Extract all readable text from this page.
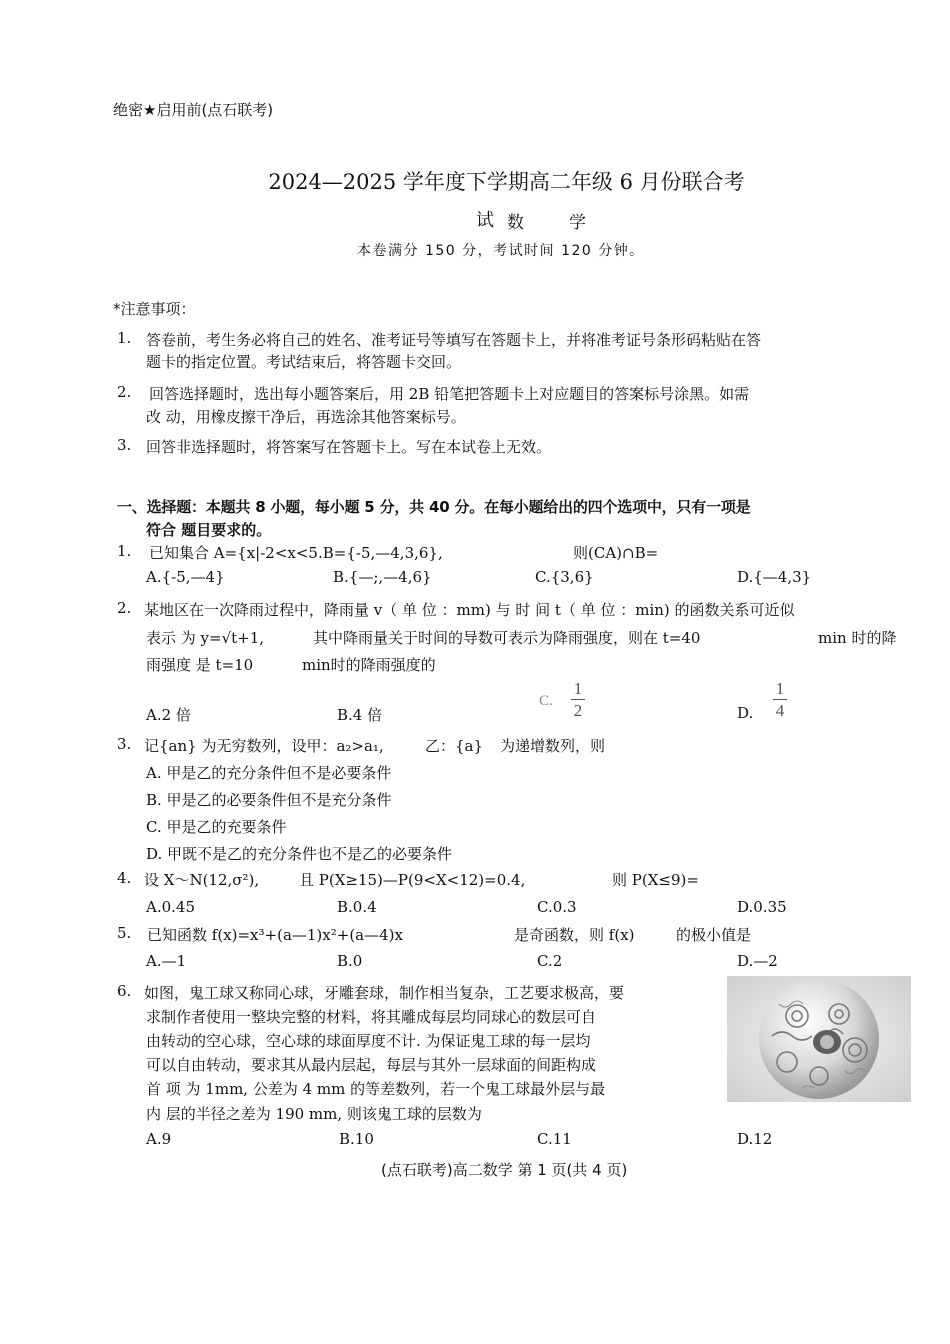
绝密★启用前(点石联考)
2024—2025 学年度下学期高二年级 6 月份联合考
试 数	学
本卷满分 150 分，考试时间 120 分钟。
*注意事项：
1. 答卷前，考生务必将自己的姓名、准考证号等填写在答题卡上，并将准考证号条形码粘贴在答
题卡的指定位置。考试结束后，将答题卡交回。
2. 回答选择题时，选出每小题答案后，用 2B 铅笔把答题卡上对应题目的答案标号涂黑。如需
改 动，用橡皮擦干净后，再选涂其他答案标号。
3. 回答非选择题时，将答案写在答题卡上。写在本试卷上无效。
一、选择题：本题共 8 小题，每小题 5 分，共 40 分。在每小题给出的四个选项中，只有一项是
符合 题目要求的。
1. 已知集合 A={x|-2<x<5.B={-5,—4,3,6},	则(CA)∩B=
A.{-5,—4}	B.{—;,—4,6}	C.{3,6}	D.{—4,3}
2. 某地区在一次降雨过程中，降雨量 v（ 单 位 ：mm) 与 时 间 t（ 单 位 ：min) 的函数关系可近似
表示 为 y=√t+1,	其中降雨量关于时间的导数可表示为降雨强度，则在 t=40	min 时的降
雨强度 是 t=10	min时的降雨强度的
A.2 倍	B.4 倍
C.
1
2	D.
1
4
3. 记{an} 为无穷数列，设甲：a₂>a₁,	乙：{a} 为递增数列，则
A. 甲是乙的充分条件但不是必要条件
B. 甲是乙的必要条件但不是充分条件
C. 甲是乙的充要条件
D. 甲既不是乙的充分条件也不是乙的必要条件
4. 设 X～N(12,σ²),	且 P(X≥15)—P(9<X<12)=0.4,	则 P(X≤9)=
A.0.45	B.0.4	C.0.3	D.0.35
5. 已知函数 f(x)=x³+(a—1)x²+(a—4)x	是奇函数，则 f(x)	的极小值是
A.—1	B.0	C.2	D.—2
6. 如图，鬼工球又称同心球，牙雕套球，制作相当复杂，工艺要求极高，要
求制作者使用一整块完整的材料，将其雕成每层均同球心的数层可自
由转动的空心球，空心球的球面厚度不计. 为保证鬼工球的每一层均
可以自由转动，要求其从最内层起，每层与其外一层球面的间距构成
首 项 为 1mm, 公差为 4 mm 的等差数列，若一个鬼工球最外层与最
内 层的半径之差为 190 mm, 则该鬼工球的层数为
A.9	B.10	C.11	D.12
(点石联考)高二数学 第 1 页(共 4 页)
